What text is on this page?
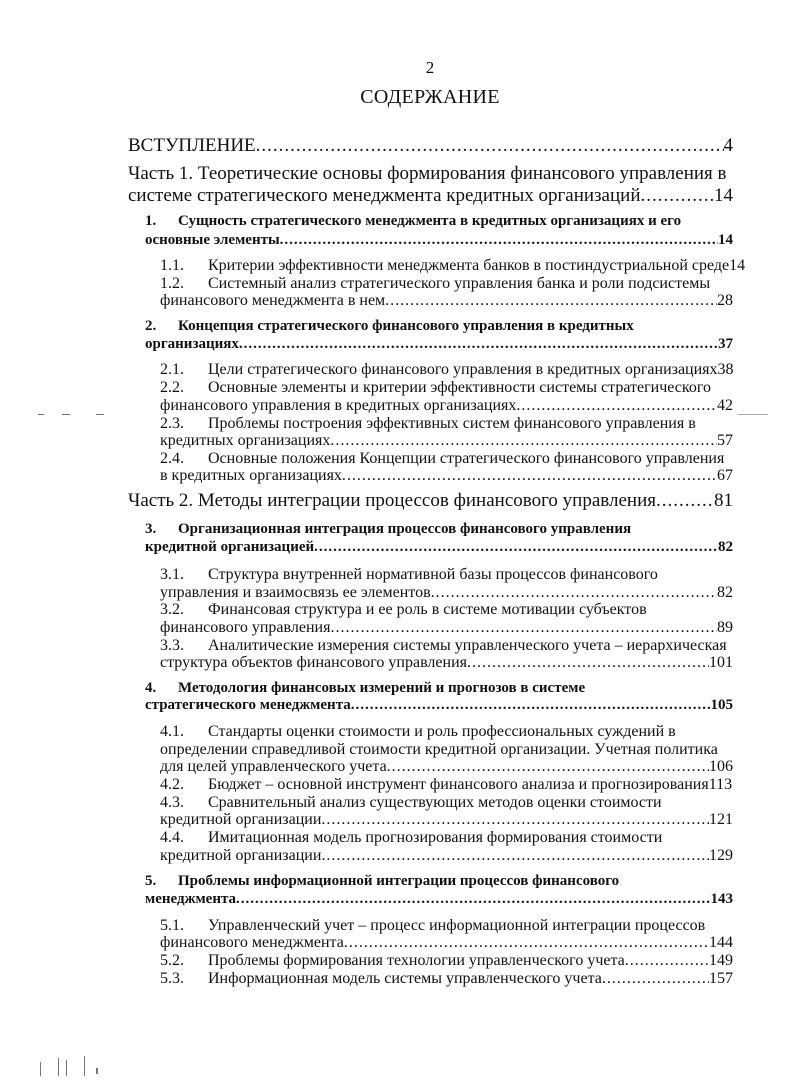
2
СОДЕРЖАНИЕ
ВСТУПЛЕНИЕ .....	4
Часть 1. Теоретические основы формирования финансового управления в
системе стратегического менеджмента кредитных организаций .....	14
1.	Сущность стратегического менеджмента в кредитных организациях и его
основные элементы .....	14
1.1.	Критерии эффективности менеджмента банков в постиндустриальной среде 14
1.2.	Системный анализ стратегического управления банка и роли подсистемы
финансового менеджмента в нем .....	28
2.	Концепция стратегического финансового управления в кредитных
организациях .....	37
2.1.	Цели стратегического финансового управления в кредитных организациях 38
2.2.	Основные элементы и критерии эффективности системы стратегического
финансового управления в кредитных организациях .....	42
2.3.	Проблемы построения эффективных систем финансового управления в
кредитных организациях .....	57
2.4.	Основные положения Концепции стратегического финансового управления
в кредитных организациях .....	67
Часть 2. Методы интеграции процессов финансового управления .....	81
3.	Организационная интеграция процессов финансового управления
кредитной организацией .....	82
3.1.	Структура внутренней нормативной базы процессов финансового
управления и взаимосвязь ее элементов .....	82
3.2.	Финансовая структура и ее роль в системе мотивации субъектов
финансового управления .....	89
3.3.	Аналитические измерения системы управленческого учета – иерархическая
структура объектов финансового управления .....	101
4.	Методология финансовых измерений и прогнозов в системе
стратегического менеджмента .....	105
4.1.	Стандарты оценки стоимости и роль профессиональных суждений в
определении справедливой стоимости кредитной организации. Учетная политика
для целей управленческого учета .....	106
4.2.	Бюджет – основной инструмент финансового анализа и прогнозирования 113
4.3.	Сравнительный анализ существующих методов оценки стоимости
кредитной организации .....	121
4.4.	Имитационная модель прогнозирования формирования стоимости
кредитной организации .....	129
5.	Проблемы информационной интеграции процессов финансового
менеджмента .....	143
5.1.	Управленческий учет – процесс информационной интеграции процессов
финансового менеджмента .....	144
5.2.	Проблемы формирования технологии управленческого учета .....	149
5.3.	Информационная модель системы управленческого учета .....	157
